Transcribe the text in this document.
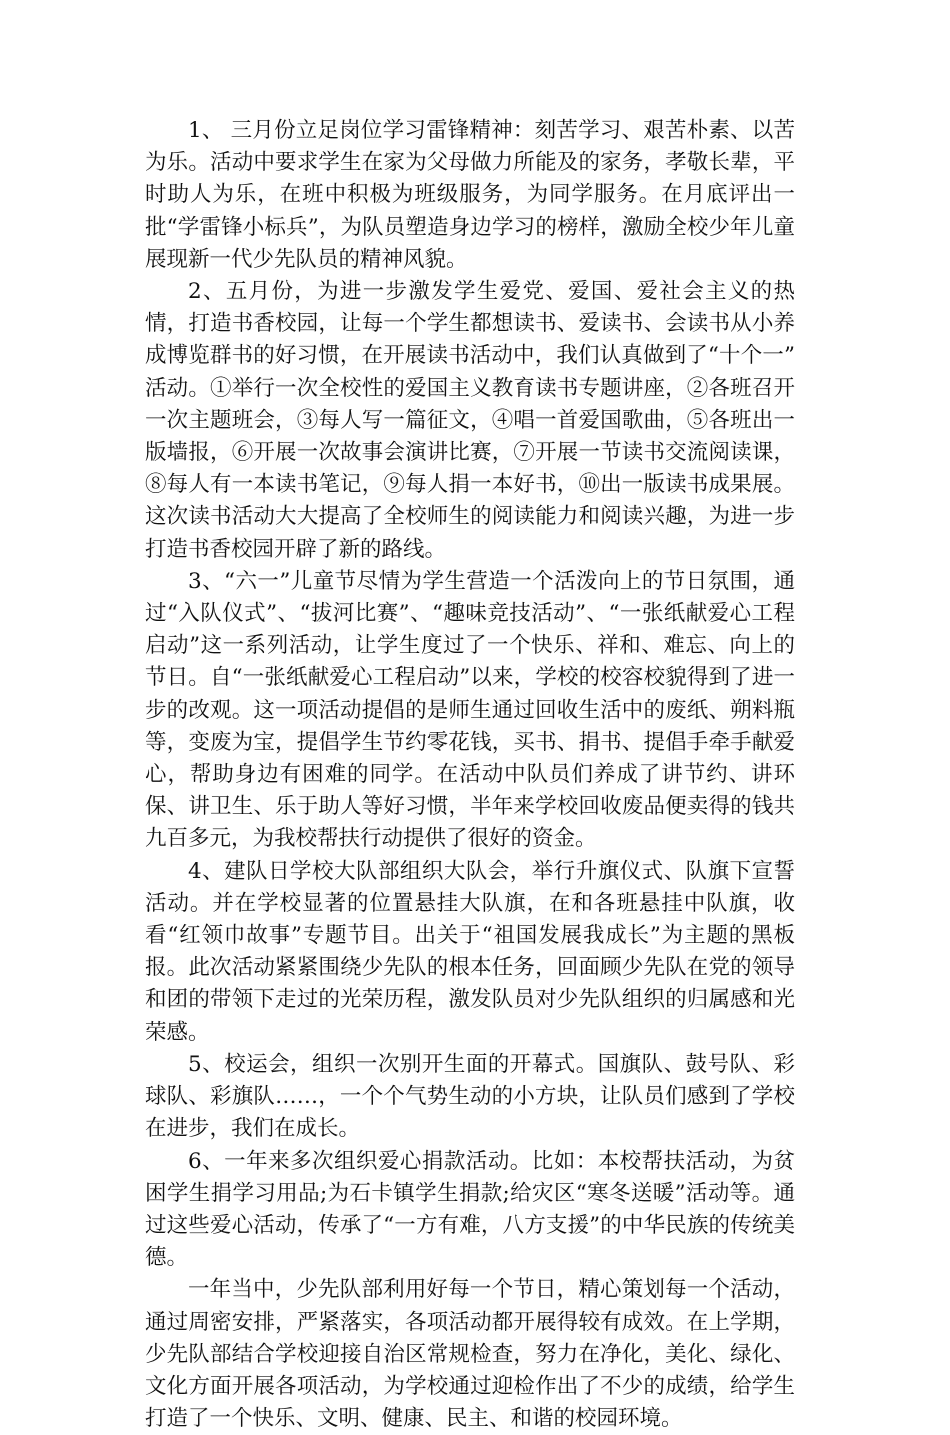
1、 三月份立足岗位学习雷锋精神：刻苦学习、艰苦朴素、以苦为乐。活动中要求学生在家为父母做力所能及的家务，孝敬长辈，平时助人为乐，在班中积极为班级服务，为同学服务。在月底评出一批“学雷锋小标兵”，为队员塑造身边学习的榜样，激励全校少年儿童展现新一代少先队员的精神风貌。

2、五月份，为进一步激发学生爱党、爱国、爱社会主义的热情，打造书香校园，让每一个学生都想读书、爱读书、会读书从小养成博览群书的好习惯，在开展读书活动中，我们认真做到了“十个一” 活动。①举行一次全校性的爱国主义教育读书专题讲座，②各班召开一次主题班会，③每人写一篇征文，④唱一首爱国歌曲，⑤各班出一版墙报，⑥开展一次故事会演讲比赛，⑦开展一节读书交流阅读课，⑧每人有一本读书笔记，⑨每人捐一本好书，⑩出一版读书成果展。这次读书活动大大提高了全校师生的阅读能力和阅读兴趣，为进一步打造书香校园开辟了新的路线。

3、“六一”儿童节尽情为学生营造一个活泼向上的节日氛围，通过“入队仪式”、“拔河比赛”、“趣味竞技活动”、“一张纸献爱心工程启动”这一系列活动，让学生度过了一个快乐、祥和、难忘、向上的节日。自“一张纸献爱心工程启动”以来，学校的校容校貌得到了进一步的改观。这一项活动提倡的是师生通过回收生活中的废纸、朔料瓶等，变废为宝，提倡学生节约零花钱，买书、捐书、提倡手牵手献爱心，帮助身边有困难的同学。在活动中队员们养成了讲节约、讲环保、讲卫生、乐于助人等好习惯，半年来学校回收废品便卖得的钱共九百多元，为我校帮扶行动提供了很好的资金。

4、建队日学校大队部组织大队会，举行升旗仪式、队旗下宣誓活动。并在学校显著的位置悬挂大队旗，在和各班悬挂中队旗，收看“红领巾故事”专题节目。出关于“祖国发展我成长”为主题的黑板报。此次活动紧紧围绕少先队的根本任务，回面顾少先队在党的领导和团的带领下走过的光荣历程，激发队员对少先队组织的归属感和光荣感。

5、校运会，组织一次别开生面的开幕式。国旗队、鼓号队、彩球队、彩旗队……，一个个气势生动的小方块，让队员们感到了学校在进步，我们在成长。

6、一年来多次组织爱心捐款活动。比如：本校帮扶活动，为贫困学生捐学习用品;为石卡镇学生捐款;给灾区“寒冬送暖”活动等。通过这些爱心活动，传承了“一方有难，八方支援”的中华民族的传统美德。

一年当中，少先队部利用好每一个节日，精心策划每一个活动，通过周密安排，严紧落实，各项活动都开展得较有成效。在上学期，少先队部结合学校迎接自治区常规检查，努力在净化，美化、绿化、文化方面开展各项活动，为学校通过迎检作出了不少的成绩，给学生打造了一个快乐、文明、健康、民主、和谐的校园环境。
